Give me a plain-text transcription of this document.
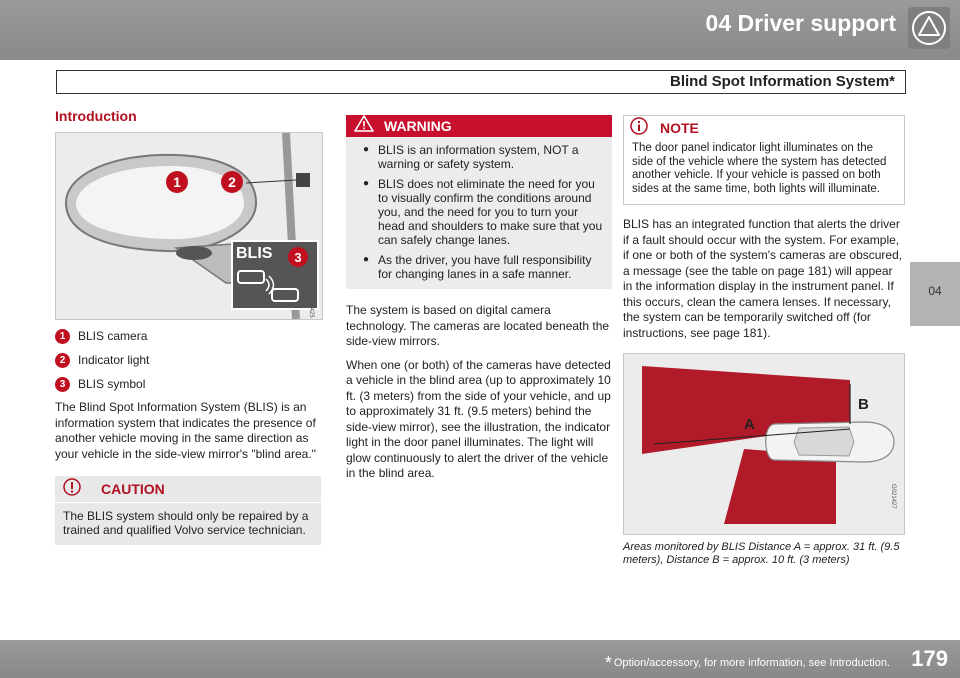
04 Driver support
Blind Spot Information System*
04
Introduction
1	2
3
BLIS
G021425
1	BLIS camera
2	Indicator light
3	BLIS symbol

The Blind Spot Information System (BLIS) is an information system that indicates the presence of another vehicle moving in the same direction as your vehicle in the side-view mirror's "blind area."

CAUTION
The BLIS system should only be repaired by a trained and qualified Volvo service technician.
WARNING
● BLIS is an information system, NOT a warning or safety system.
● BLIS does not eliminate the need for you to visually confirm the conditions around you, and the need for you to turn your head and shoulders to make sure that you can safely change lanes.
● As the driver, you have full responsibility for changing lanes in a safe manner.

The system is based on digital camera technology. The cameras are located beneath the side-view mirrors.

When one (or both) of the cameras have detected a vehicle in the blind area (up to approximately 10 ft. (3 meters) from the side of your vehicle, and up to approximately 31 ft. (9.5 meters) behind the side-view mirror), see the illustration, the indicator light in the door panel illuminates. The light will glow continuously to alert the driver of the vehicle in the blind area.

NOTE
The door panel indicator light illuminates on the side of the vehicle where the system has detected another vehicle. If your vehicle is passed on both sides at the same time, both lights will illuminate.

BLIS has an integrated function that alerts the driver if a fault should occur with the system. For example, if one or both of the system's cameras are obscured, a message (see the table on page 181) will appear in the information display in the instrument panel. If this occurs, clean the camera lenses. If necessary, the system can be temporarily switched off (for instructions, see page 181).

A
B
G021427
Areas monitored by BLIS Distance A = approx. 31 ft. (9.5 meters), Distance B = approx. 10 ft. (3 meters)
* Option/accessory, for more information, see Introduction. 179
